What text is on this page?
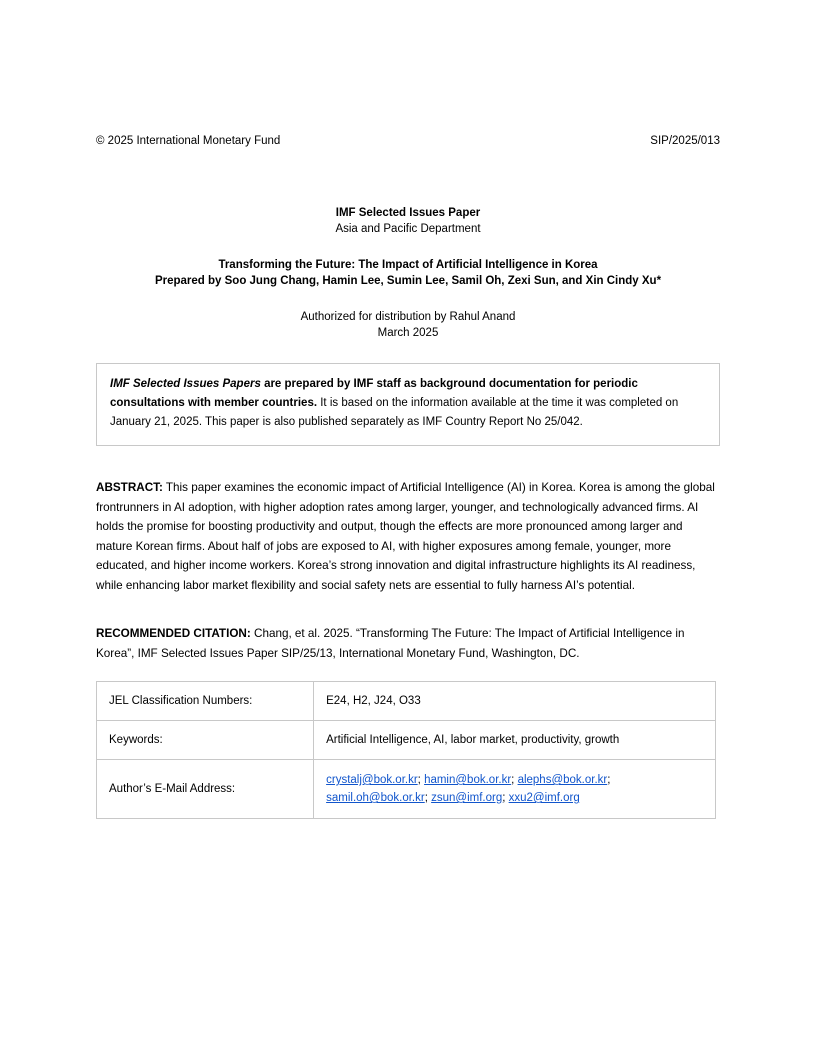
© 2025 International Monetary Fund	SIP/2025/013
IMF Selected Issues Paper
Asia and Pacific Department
Transforming the Future: The Impact of Artificial Intelligence in Korea
Prepared by Soo Jung Chang, Hamin Lee, Sumin Lee, Samil Oh, Zexi Sun, and Xin Cindy Xu*
Authorized for distribution by Rahul Anand
March 2025
IMF Selected Issues Papers are prepared by IMF staff as background documentation for periodic consultations with member countries. It is based on the information available at the time it was completed on January 21, 2025. This paper is also published separately as IMF Country Report No 25/042.
ABSTRACT: This paper examines the economic impact of Artificial Intelligence (AI) in Korea. Korea is among the global frontrunners in AI adoption, with higher adoption rates among larger, younger, and technologically advanced firms. AI holds the promise for boosting productivity and output, though the effects are more pronounced among larger and mature Korean firms. About half of jobs are exposed to AI, with higher exposures among female, younger, more educated, and higher income workers. Korea’s strong innovation and digital infrastructure highlights its AI readiness, while enhancing labor market flexibility and social safety nets are essential to fully harness AI’s potential.
RECOMMENDED CITATION: Chang, et al. 2025. “Transforming The Future: The Impact of Artificial Intelligence in Korea”, IMF Selected Issues Paper SIP/25/13, International Monetary Fund, Washington, DC.
JEL Classification Numbers:	E24, H2, J24, O33
Keywords:	Artificial Intelligence, AI, labor market, productivity, growth
Author’s E-Mail Address:	crystalj@bok.or.kr; hamin@bok.or.kr; alephs@bok.or.kr;
samil.oh@bok.or.kr; zsun@imf.org; xxu2@imf.org
